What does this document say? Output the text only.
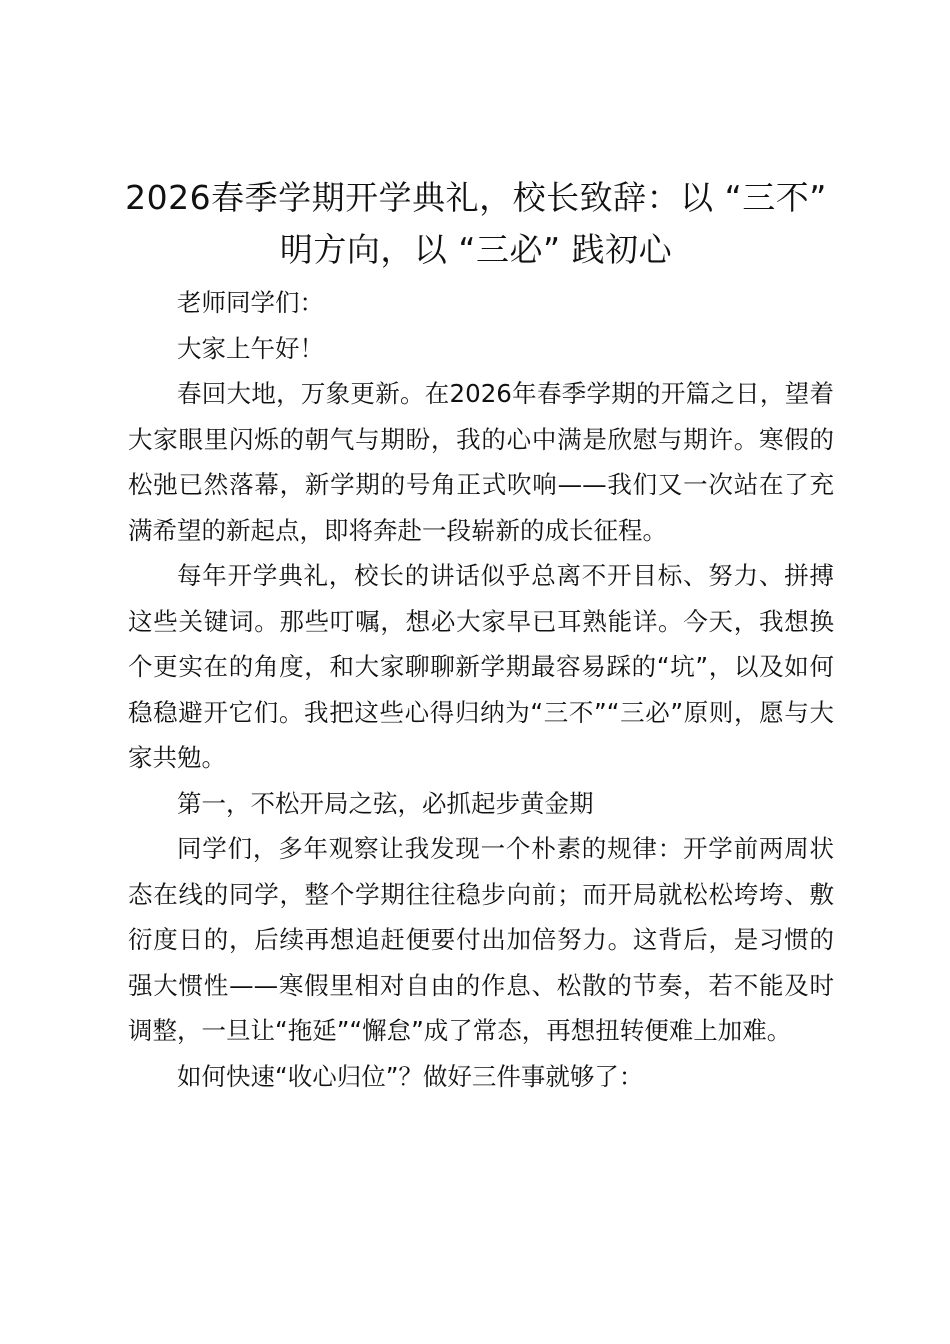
2026春季学期开学典礼，校长致辞：以 “三不” 明方向，以 “三必” 践初心

老师同学们：

大家上午好！

春回大地，万象更新。在2026年春季学期的开篇之日，望着大家眼里闪烁的朝气与期盼，我的心中满是欣慰与期许。寒假的松弛已然落幕，新学期的号角正式吹响——我们又一次站在了充满希望的新起点，即将奔赴一段崭新的成长征程。

每年开学典礼，校长的讲话似乎总离不开目标、努力、拼搏这些关键词。那些叮嘱，想必大家早已耳熟能详。今天，我想换个更实在的角度，和大家聊聊新学期最容易踩的“坑”，以及如何稳稳避开它们。我把这些心得归纳为“三不”“三必”原则，愿与大家共勉。

第一，不松开局之弦，必抓起步黄金期

同学们，多年观察让我发现一个朴素的规律：开学前两周状态在线的同学，整个学期往往稳步向前；而开局就松松垮垮、敷衍度日的，后续再想追赶便要付出加倍努力。这背后，是习惯的强大惯性——寒假里相对自由的作息、松散的节奏，若不能及时调整，一旦让“拖延”“懈怠”成了常态，再想扭转便难上加难。

如何快速“收心归位”？做好三件事就够了：
